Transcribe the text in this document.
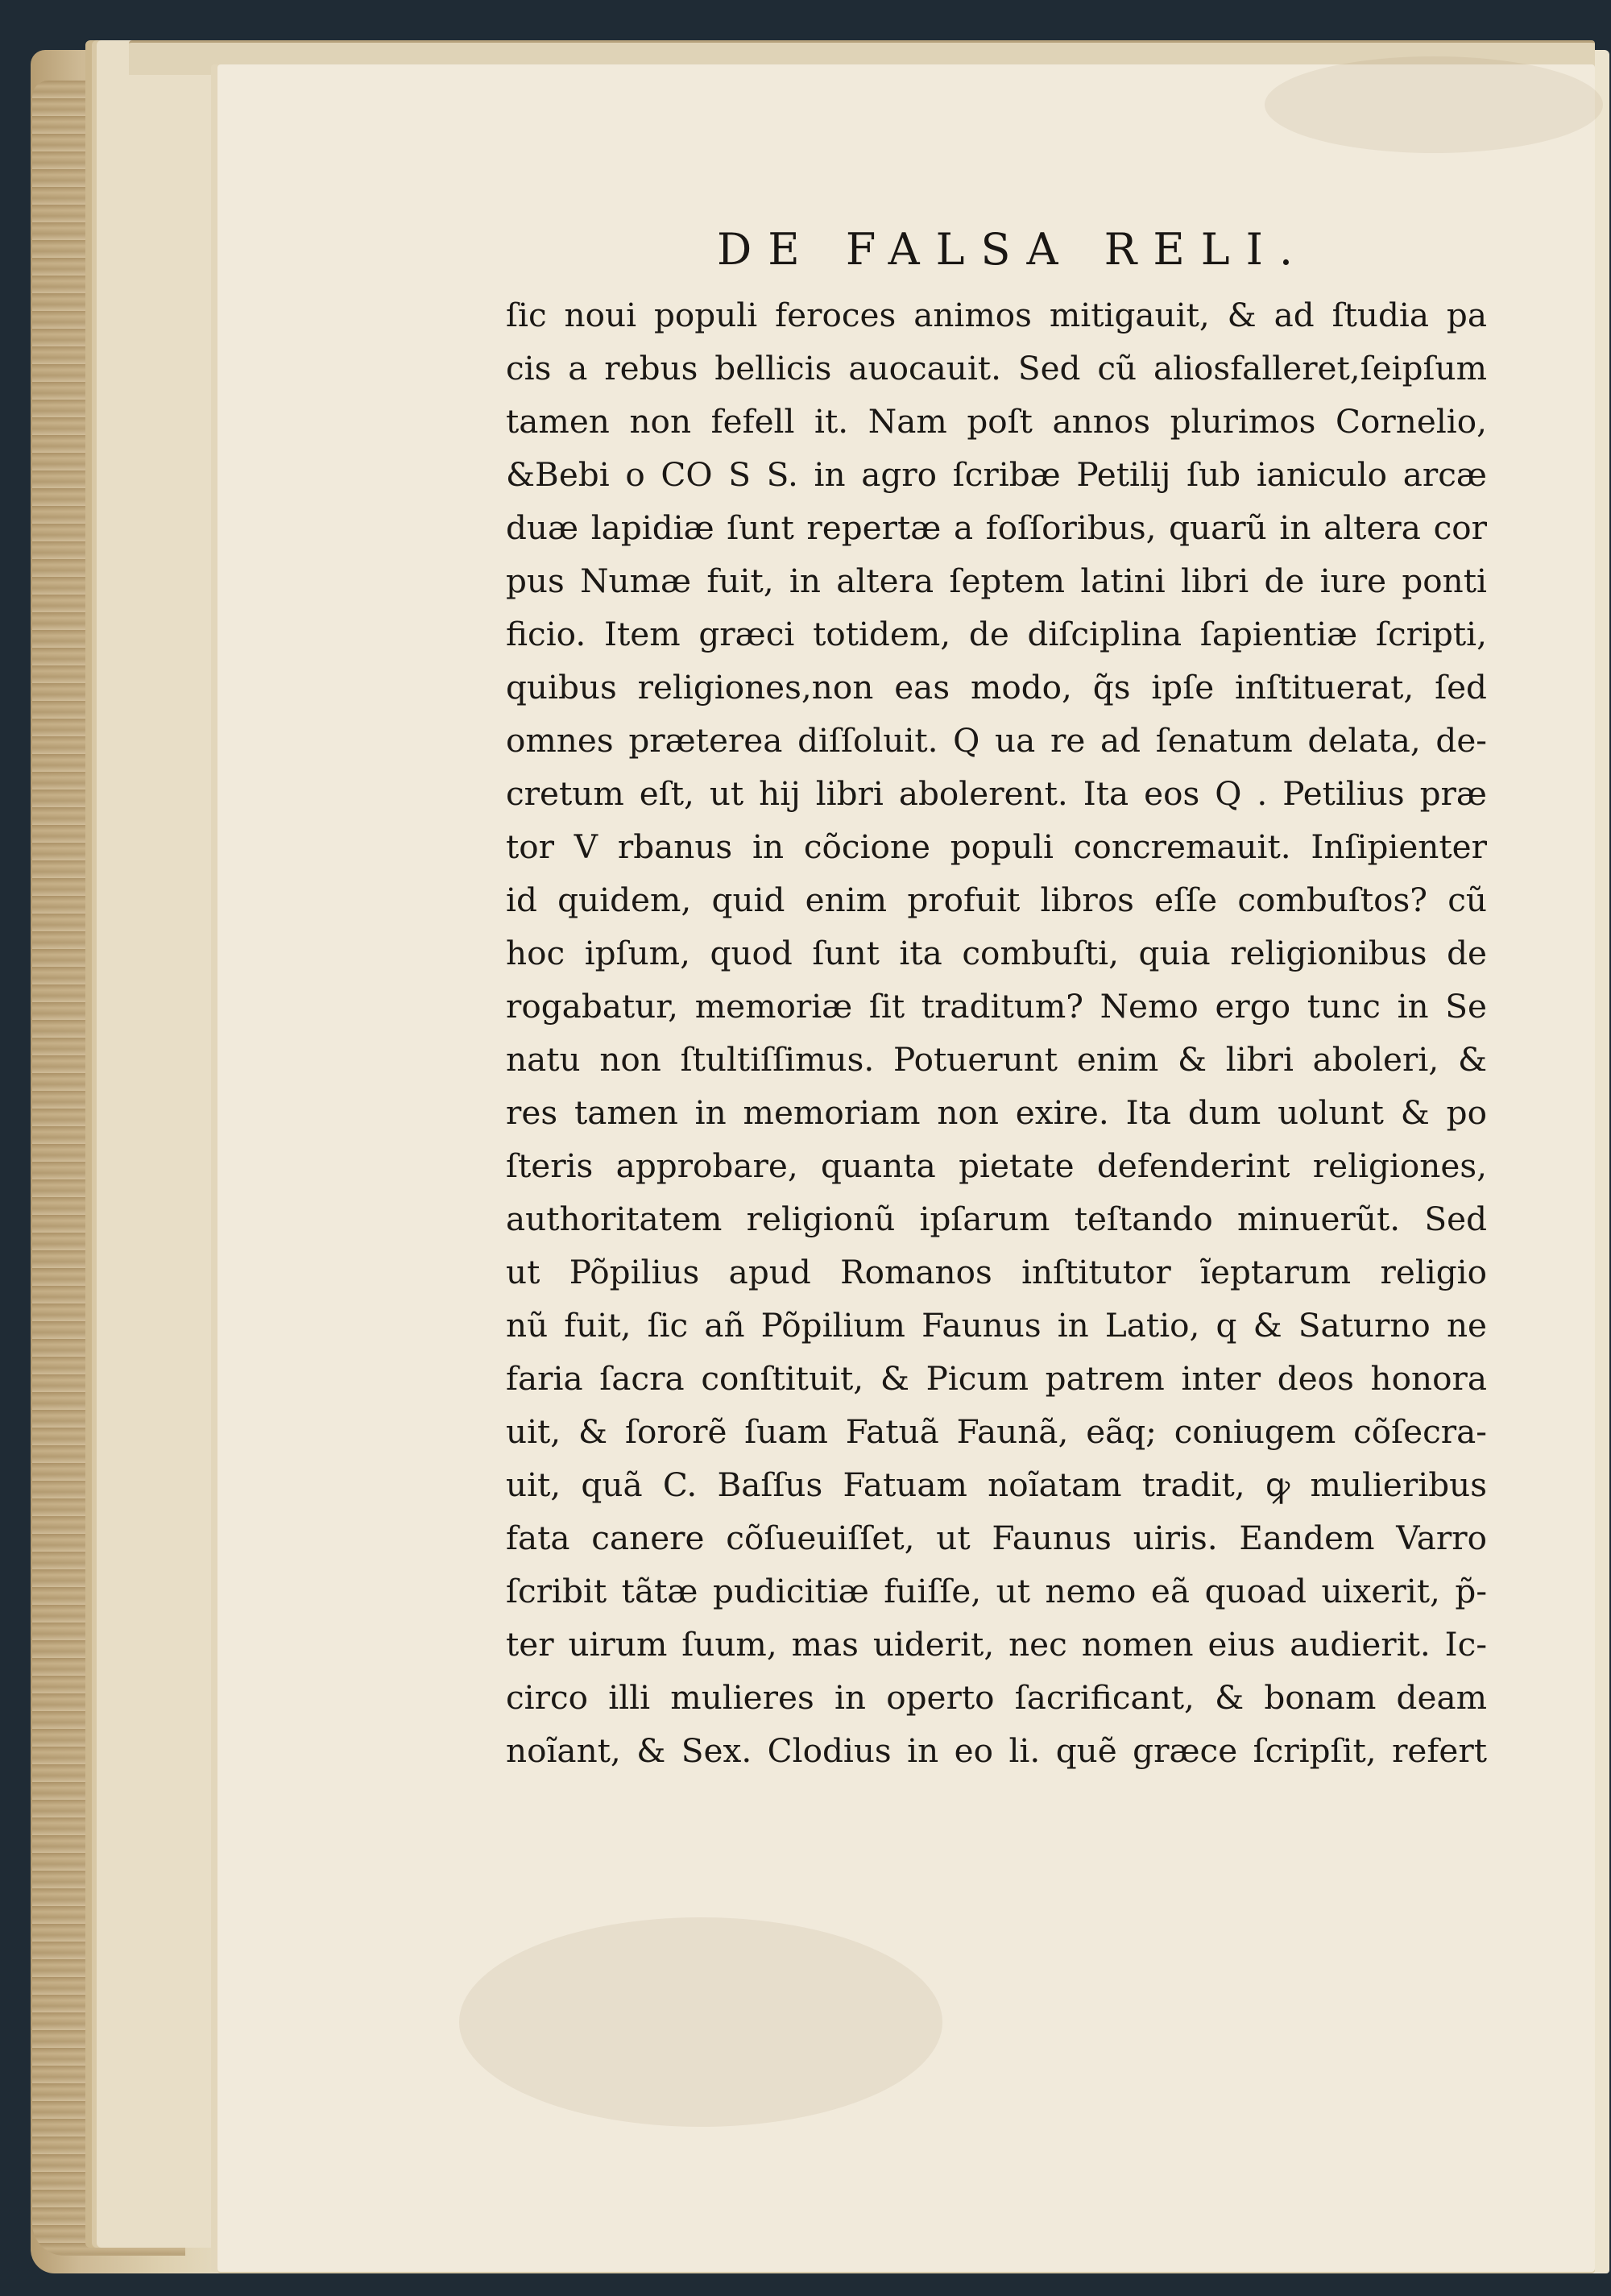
DE FALSA RELI.
ſic noui populi feroces animos mitigauit, & ad ſtudia pa
cis a rebus bellicis auocauit. Sed cũ aliosfalleret,ſeipſum
tamen non fefell it. Nam poſt annos plurimos Cornelio,
&Bebi o CO S S. in agro ſcribæ Petilij ſub ianiculo arcæ
duæ lapidiæ ſunt repertæ a foſſoribus, quarũ in altera cor
pus Numæ fuit, in altera ſeptem latini libri de iure ponti
ficio. Item græci totidem, de diſciplina ſapientiæ ſcripti,
quibus religiones,non eas modo, q̃s ipſe inſtituerat, ſed
omnes præterea diſſoluit. Q ua re ad ſenatum delata, de-
cretum eſt, ut hij libri abolerent. Ita eos Q . Petilius præ
tor V rbanus in cõcione populi concremauit. Inſipienter
id quidem, quid enim profuit libros eſſe combuſtos? cũ
hoc ipſum, quod ſunt ita combuſti, quia religionibus de
rogabatur, memoriæ ſit traditum? Nemo ergo tunc in Se
natu non ſtultiſſimus. Potuerunt enim & libri aboleri, &
res tamen in memoriam non exire. Ita dum uolunt & po
ſteris approbare, quanta pietate defenderint religiones,
authoritatem religionũ ipſarum teſtando minuerũt. Sed
ut Põpilius apud Romanos inſtitutor ĩeptarum religio
nũ fuit, ſic añ Põpilium Faunus in Latio, q & Saturno ne
faria ſacra conſtituit, & Picum patrem inter deos honora
uit, & ſororẽ ſuam Fatuã Faunã, eãq; coniugem cõſecra-
uit, quã C. Baſſus Fatuam noĩatam tradit, ꝙ mulieribus
fata canere cõſueuiſſet, ut Faunus uiris. Eandem Varro
ſcribit tãtæ pudicitiæ fuiſſe, ut nemo eã quoad uixerit, p̃-
ter uirum ſuum, mas uiderit, nec nomen eius audierit. Ic-
circo illi mulieres in operto ſacrificant, & bonam deam
noĩant, & Sex. Clodius in eo li. quẽ græce ſcripſit, refert
